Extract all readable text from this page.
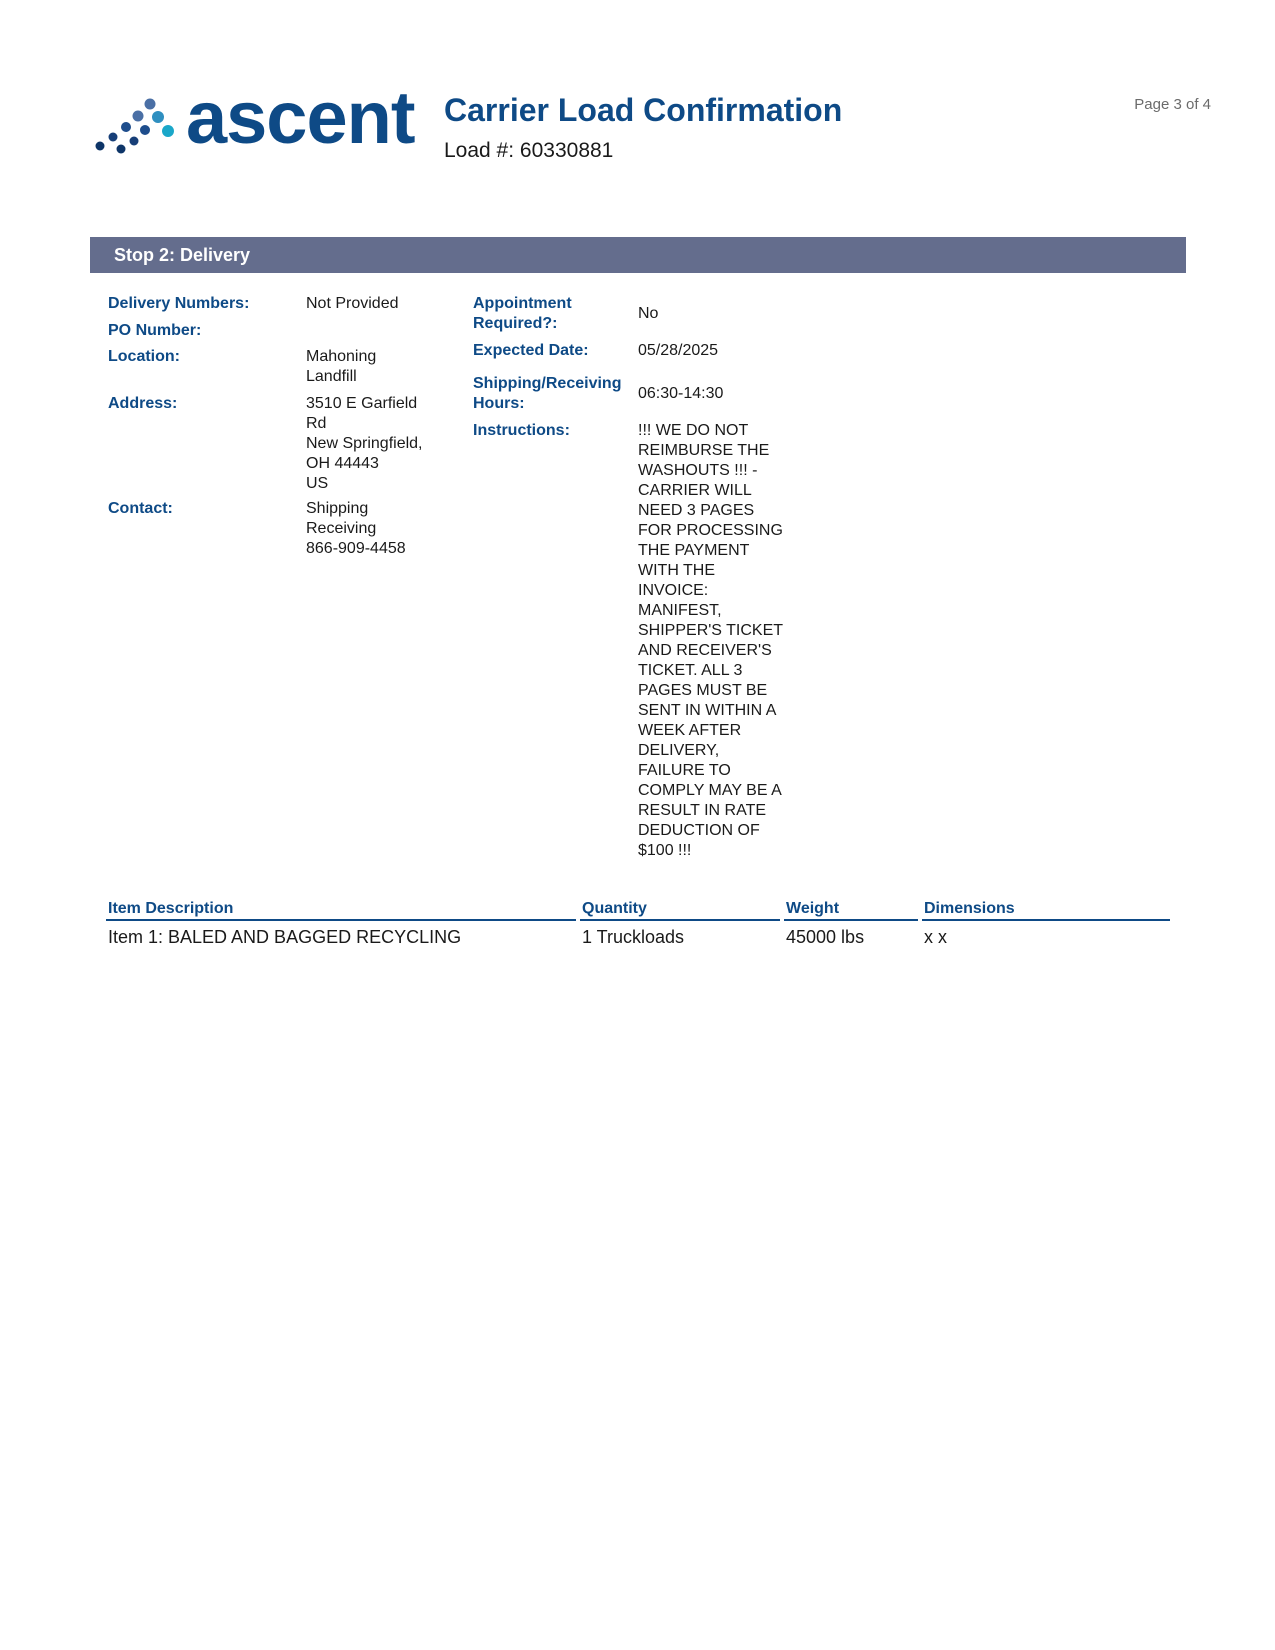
ascent Carrier Load Confirmation
Load #: 60330881
Page 3 of 4
Stop 2: Delivery
Delivery Numbers:	Not Provided
PO Number:
Location:	Mahoning
Landfill
Address:	3510 E Garfield
Rd
New Springfield,
OH 44443
US
Contact:	Shipping
Receiving
866-909-4458
Appointment
Required?:
No
Expected Date:	05/28/2025
Shipping/Receiving
Hours:
06:30-14:30
Instructions:	!!! WE DO NOT
REIMBURSE THE
WASHOUTS !!! -
CARRIER WILL
NEED 3 PAGES
FOR PROCESSING
THE PAYMENT
WITH THE
INVOICE:
MANIFEST,
SHIPPER'S TICKET
AND RECEIVER'S
TICKET. ALL 3
PAGES MUST BE
SENT IN WITHIN A
WEEK AFTER
DELIVERY,
FAILURE TO
COMPLY MAY BE A
RESULT IN RATE
DEDUCTION OF
$100 !!!
Item Description	Quantity	Weight	Dimensions
Item 1: BALED AND BAGGED RECYCLING	1 Truckloads	45000 lbs	x x
